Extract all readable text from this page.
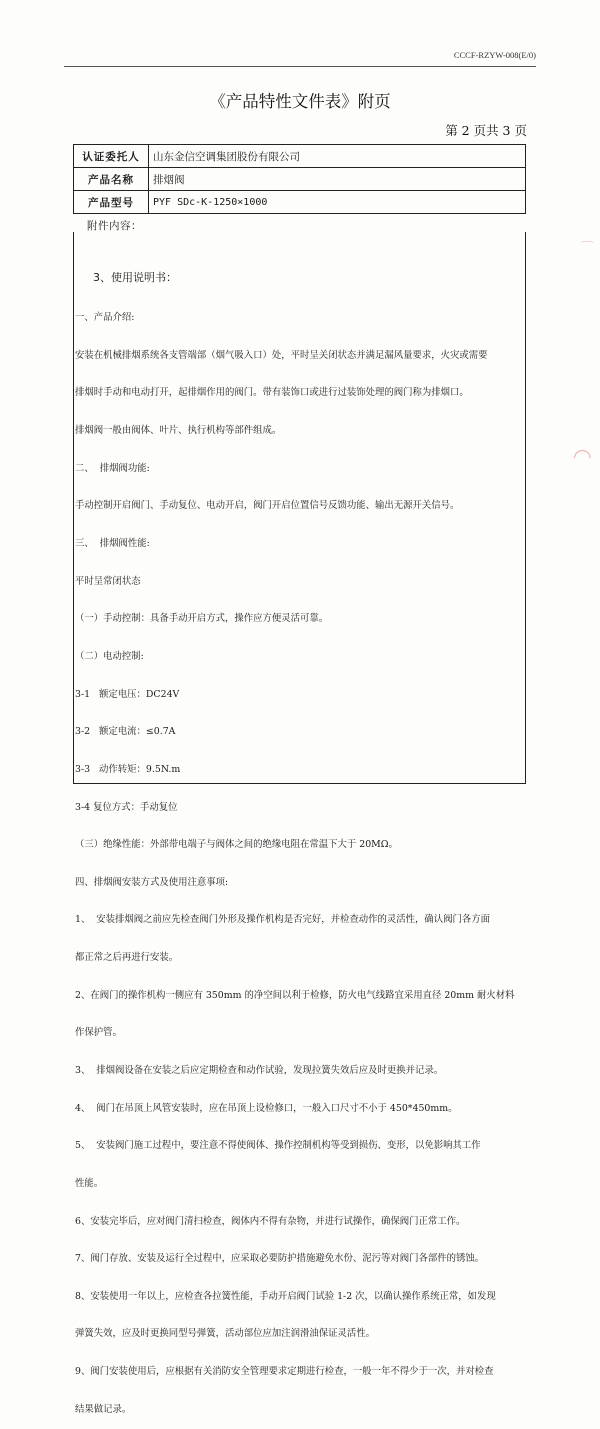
CCCF-RZYW-008(E/0)
《产品特性文件表》附页
第 2 页共 3 页
认证委托人	山东金信空调集团股份有限公司
产品名称	排烟阀
产品型号	PYF SDc-K-1250×1000
附件内容：

3、使用说明书：

一、产品介绍:

安装在机械排烟系统各支管端部（烟气吸入口）处，平时呈关闭状态并满足漏风量要求，火灾或需要

排烟时手动和电动打开，起排烟作用的阀门。带有装饰口或进行过装饰处理的阀门称为排烟口。

排烟阀一般由阀体、叶片、执行机构等部件组成。

二、  排烟阀功能:

手动控制开启阀门、手动复位、电动开启，阀门开启位置信号反馈功能、输出无源开关信号。

三、  排烟阀性能:

平时呈常闭状态

（一）手动控制：具备手动开启方式，操作应方便灵活可靠。

（二）电动控制:

3-1   额定电压：DC24V

3-2   额定电流：≤0.7A

3-3   动作转矩：9.5N.m

3-4 复位方式：手动复位

（三）绝缘性能：外部带电端子与阀体之间的绝缘电阻在常温下大于 20MΩ。

四、排烟阀安装方式及使用注意事项:

1、  安装排烟阀之前应先检查阀门外形及操作机构是否完好，并检查动作的灵活性，确认阀门各方面

都正常之后再进行安装。

2、在阀门的操作机构一侧应有 350mm 的净空间以利于检修，防火电气线路宜采用直径 20mm 耐火材料

作保护管。

3、  排烟阀设备在安装之后应定期检查和动作试验，发现拉簧失效后应及时更换并记录。

4、  阀门在吊顶上风管安装时，应在吊顶上设检修口，一般入口尺寸不小于 450*450mm。

5、  安装阀门施工过程中，要注意不得使阀体、操作控制机构等受到损伤、变形，以免影响其工作

性能。

6、安装完毕后，应对阀门清扫检查，阀体内不得有杂物，并进行试操作，确保阀门正常工作。

7、阀门存放、安装及运行全过程中，应采取必要防护措施避免水份、泥污等对阀门各部件的锈蚀。

8、安装使用一年以上，应检查各拉簧性能，手动开启阀门试验 1-2 次，以确认操作系统正常，如发现

弹簧失效，应及时更换同型号弹簧，活动部位应加注润滑油保证灵活性。

9、阀门安装使用后，应根据有关消防安全管理要求定期进行检查，一般一年不得少于一次，并对检查

结果做记录。

⌒
◠
